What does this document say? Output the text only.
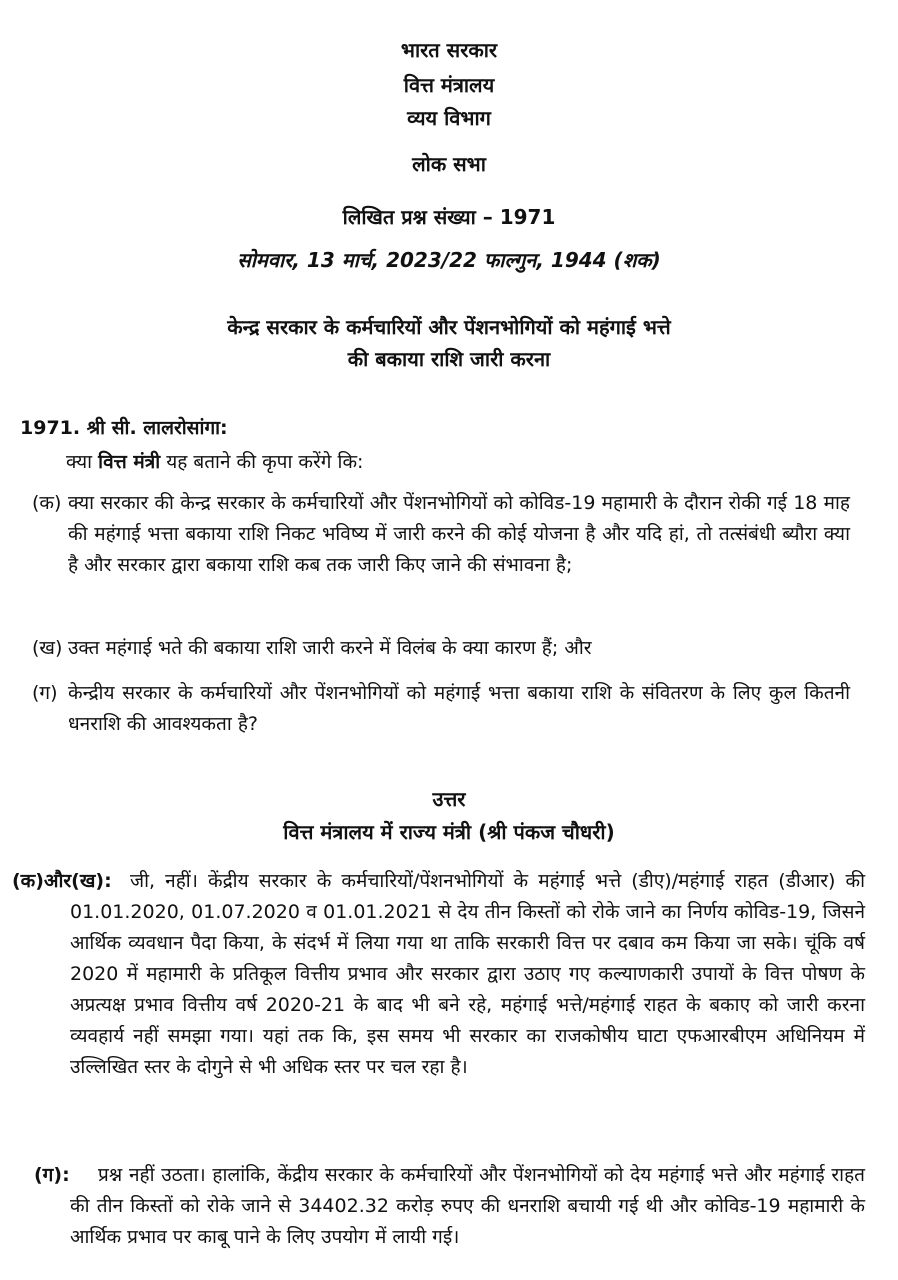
भारत सरकार
वित्त मंत्रालय
व्यय विभाग
लोक सभा
लिखित प्रश्न संख्या – 1971
सोमवार, 13 मार्च, 2023/22 फाल्गुन, 1944 (शक)
केन्द्र सरकार के कर्मचारियों और पेंशनभोगियों को महंगाई भत्ते
की बकाया राशि जारी करना
1971. श्री सी. लालरोसांगा:
क्या वित्त मंत्री यह बताने की कृपा करेंगे कि:
(क) क्या सरकार की केन्द्र सरकार के कर्मचारियों और पेंशनभोगियों को कोविड-19 महामारी के दौरान रोकी गई 18 माह की महंगाई भत्ता बकाया राशि निकट भविष्य में जारी करने की कोई योजना है और यदि हां, तो तत्संबंधी ब्यौरा क्या है और सरकार द्वारा बकाया राशि कब तक जारी किए जाने की संभावना है;
(ख) उक्त महंगाई भते की बकाया राशि जारी करने में विलंब के क्या कारण हैं; और
(ग) केन्द्रीय सरकार के कर्मचारियों और पेंशनभोगियों को महंगाई भत्ता बकाया राशि के संवितरण के लिए कुल कितनी धनराशि की आवश्यकता है?
उत्तर
वित्त मंत्रालय में राज्य मंत्री (श्री पंकज चौधरी)
(क)और(ख): जी, नहीं। केंद्रीय सरकार के कर्मचारियों/पेंशनभोगियों के महंगाई भत्ते (डीए)/महंगाई राहत (डीआर) की 01.01.2020, 01.07.2020 व 01.01.2021 से देय तीन किस्तों को रोके जाने का निर्णय कोविड-19, जिसने आर्थिक व्यवधान पैदा किया, के संदर्भ में लिया गया था ताकि सरकारी वित्त पर दबाव कम किया जा सके। चूंकि वर्ष 2020 में महामारी के प्रतिकूल वित्तीय प्रभाव और सरकार द्वारा उठाए गए कल्याणकारी उपायों के वित्त पोषण के अप्रत्यक्ष प्रभाव वित्तीय वर्ष 2020-21 के बाद भी बने रहे, महंगाई भत्ते/महंगाई राहत के बकाए को जारी करना व्यवहार्य नहीं समझा गया। यहां तक कि, इस समय भी सरकार का राजकोषीय घाटा एफआरबीएम अधिनियम में उल्लिखित स्तर के दोगुने से भी अधिक स्तर पर चल रहा है।
(ग):	प्रश्न नहीं उठता। हालांकि, केंद्रीय सरकार के कर्मचारियों और पेंशनभोगियों को देय महंगाई भत्ते और महंगाई राहत की तीन किस्तों को रोके जाने से 34402.32 करोड़ रुपए की धनराशि बचायी गई थी और कोविड-19 महामारी के आर्थिक प्रभाव पर काबू पाने के लिए उपयोग में लायी गई।
